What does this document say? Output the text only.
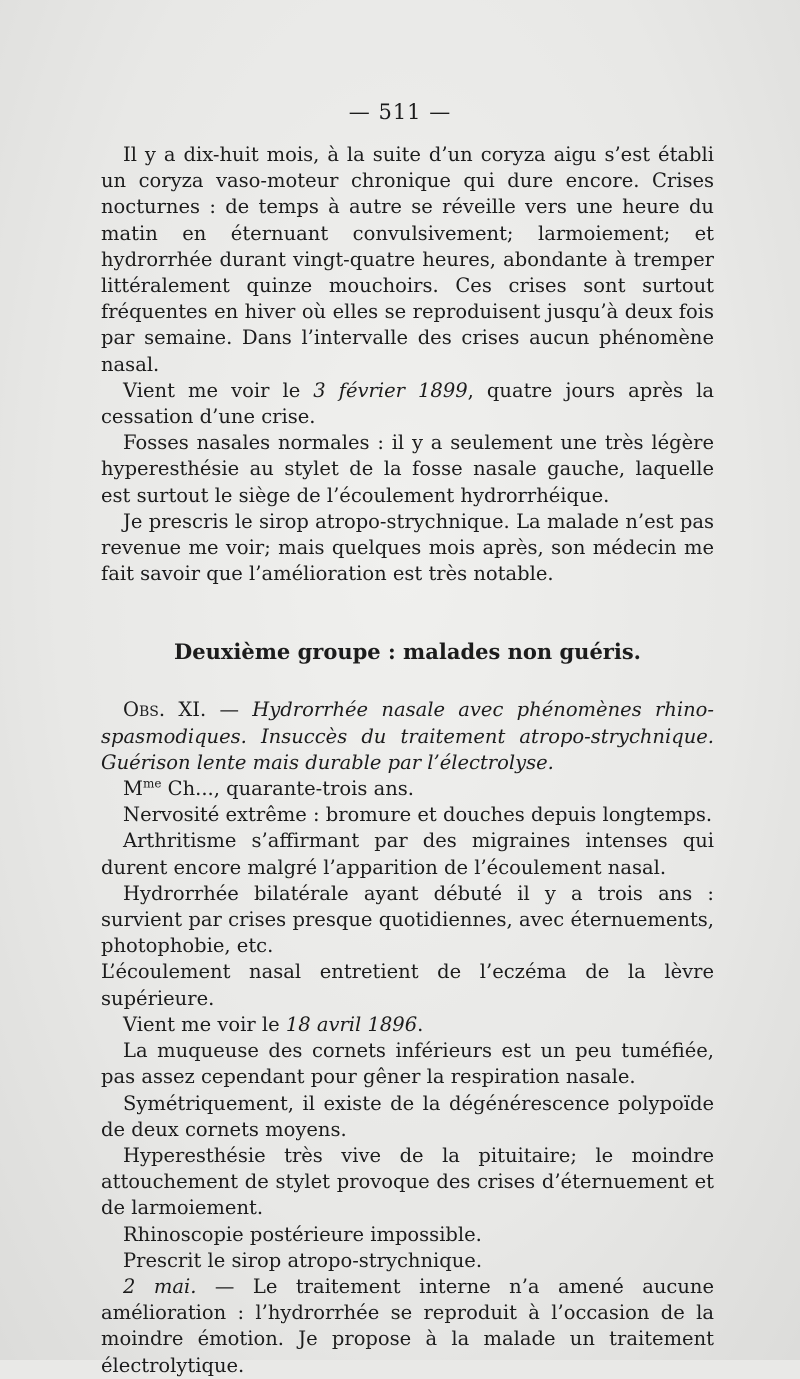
— 511 —

Il y a dix-huit mois, à la suite d’un coryza aigu s’est établi un coryza vaso-moteur chronique qui dure encore. Crises nocturnes : de temps à autre se réveille vers une heure du matin en éternuant convulsivement; larmoiement; et hydrorrhée durant vingt-quatre heures, abondante à tremper littéralement quinze mouchoirs. Ces crises sont surtout fréquentes en hiver où elles se reproduisent jusqu’à deux fois par semaine. Dans l’intervalle des crises aucun phénomène nasal.

Vient me voir le 3 février 1899, quatre jours après la cessation d’une crise.

Fosses nasales normales : il y a seulement une très légère hyperesthésie au stylet de la fosse nasale gauche, laquelle est surtout le siège de l’écoulement hydrorrhéique.

Je prescris le sirop atropo-strychnique. La malade n’est pas revenue me voir; mais quelques mois après, son médecin me fait savoir que l’amélioration est très notable.

Deuxième groupe : malades non guéris.

Obs. XI. — Hydrorrhée nasale avec phénomènes rhino-spasmodiques. Insuccès du traitement atropo-strychnique. Guérison lente mais durable par l’électrolyse.

$M^{me}$ Ch..., quarante-trois ans.

Nervosité extrême : bromure et douches depuis longtemps.

Arthritisme s’affirmant par des migraines intenses qui durent encore malgré l’apparition de l’écoulement nasal.

Hydrorrhée bilatérale ayant débuté il y a trois ans : survient par crises presque quotidiennes, avec éternuements, photophobie, etc.

L’écoulement nasal entretient de l’eczéma de la lèvre supérieure.

Vient me voir le 18 avril 1896.

La muqueuse des cornets inférieurs est un peu tuméfiée, pas assez cependant pour gêner la respiration nasale.

Symétriquement, il existe de la dégénérescence polypoïde de deux cornets moyens.

Hyperesthésie très vive de la pituitaire; le moindre attouchement de stylet provoque des crises d’éternuement et de larmoiement.

Rhinoscopie postérieure impossible.

Prescrit le sirop atropo-strychnique.

2 mai. — Le traitement interne n’a amené aucune amélioration : l’hydrorrhée se reproduit à l’occasion de la moindre émotion. Je propose à la malade un traitement électrolytique.
